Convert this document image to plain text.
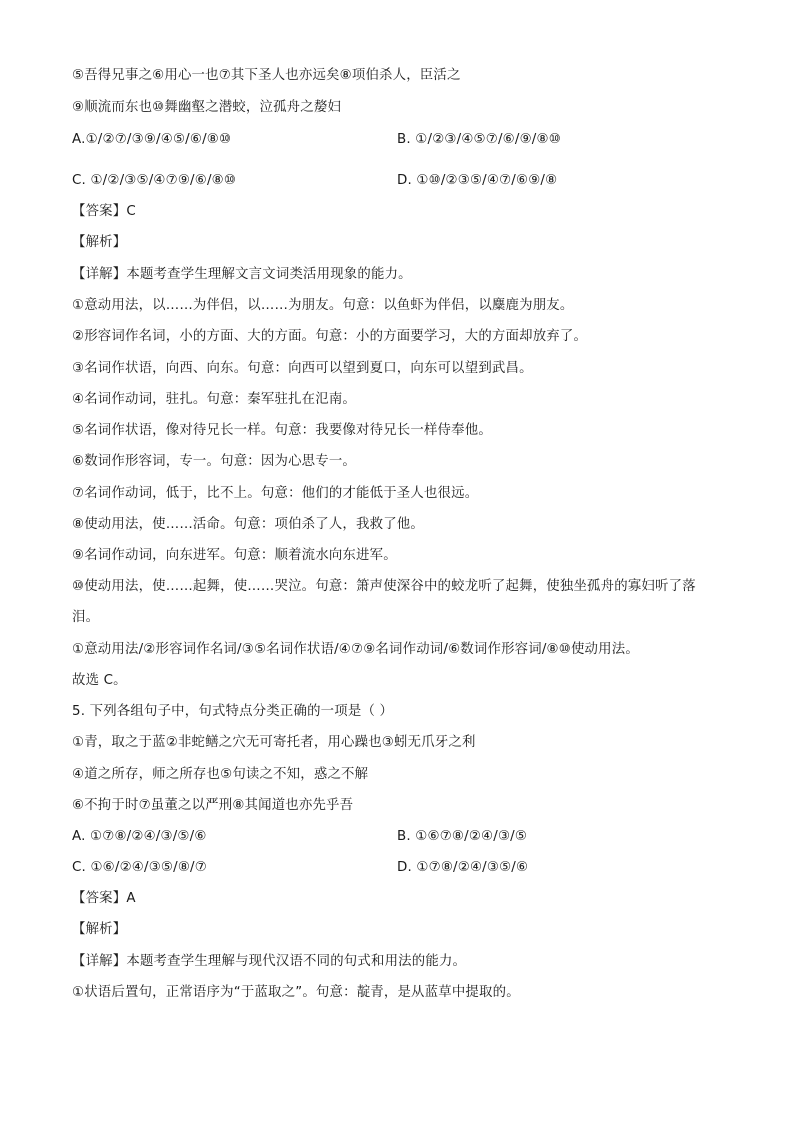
⑤吾得兄事之⑥用心一也⑦其下圣人也亦远矣⑧项伯杀人，臣活之
⑨顺流而东也⑩舞幽壑之潜蛟，泣孤舟之嫠妇
A.①/②⑦/③⑨/④⑤/⑥/⑧⑩	B. ①/②③/④⑤⑦/⑥/⑨/⑧⑩
C. ①/②/③⑤/④⑦⑨/⑥/⑧⑩	D. ①⑩/②③⑤/④⑦/⑥⑨/⑧
【答案】C
【解析】
【详解】本题考查学生理解文言文词类活用现象的能力。
①意动用法，以……为伴侣，以……为朋友。句意：以鱼虾为伴侣，以麋鹿为朋友。
②形容词作名词，小的方面、大的方面。句意：小的方面要学习，大的方面却放弃了。
③名词作状语，向西、向东。句意：向西可以望到夏口，向东可以望到武昌。
④名词作动词，驻扎。句意：秦军驻扎在氾南。
⑤名词作状语，像对待兄长一样。句意：我要像对待兄长一样侍奉他。
⑥数词作形容词，专一。句意：因为心思专一。
⑦名词作动词，低于，比不上。句意：他们的才能低于圣人也很远。
⑧使动用法，使……活命。句意：项伯杀了人，我救了他。
⑨名词作动词，向东进军。句意：顺着流水向东进军。
⑩使动用法，使……起舞，使……哭泣。句意：箫声使深谷中的蛟龙听了起舞，使独坐孤舟的寡妇听了落
泪。
①意动用法/②形容词作名词/③⑤名词作状语/④⑦⑨名词作动词/⑥数词作形容词/⑧⑩使动用法。
故选 C。
5. 下列各组句子中，句式特点分类正确的一项是（ ）
①青，取之于蓝②非蛇鳝之穴无可寄托者，用心躁也③蚓无爪牙之利
④道之所存，师之所存也⑤句读之不知，惑之不解
⑥不拘于时⑦虽董之以严刑⑧其闻道也亦先乎吾
A. ①⑦⑧/②④/③/⑤/⑥	B. ①⑥⑦⑧/②④/③/⑤
C. ①⑥/②④/③⑤/⑧/⑦	D. ①⑦⑧/②④/③⑤/⑥
【答案】A
【解析】
【详解】本题考查学生理解与现代汉语不同的句式和用法的能力。
①状语后置句，正常语序为“于蓝取之”。句意：靛青，是从蓝草中提取的。
